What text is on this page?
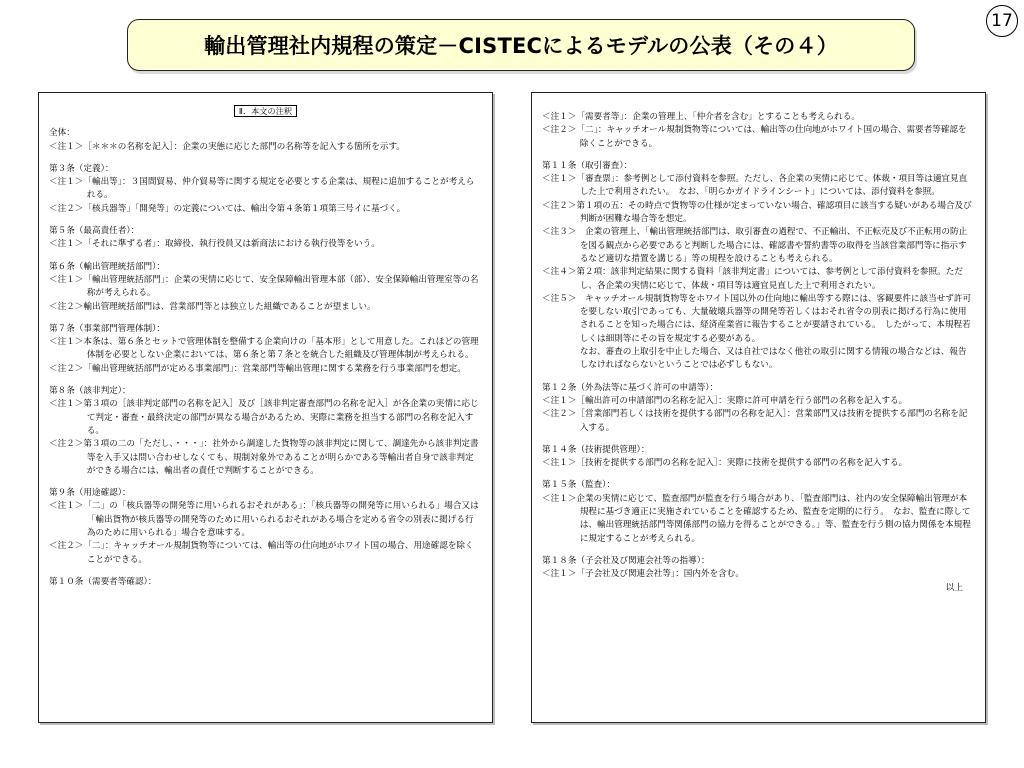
輸出管理社内規程の策定－CISTECによるモデルの公表（その４）
17
Ⅱ．本文の注釈
全体：
＜注１＞［＊＊＊の名称を記入］：企業の実態に応じた部門の名称等を記入する箇所を示す。
第３条（定義）：
＜注１＞「輸出等」：３国間貿易、仲介貿易等に関する規定を必要とする企業は、規程に追加することが考えられる。
＜注２＞「核兵器等」「開発等」の定義については、輸出令第４条第１項第三号イに基づく。
第５条（最高責任者）：
＜注１＞「それに準ずる者」：取締役、執行役員又は新商法における執行役等をいう。
第６条（輸出管理統括部門）：
＜注１＞「輸出管理統括部門」：企業の実情に応じて、安全保障輸出管理本部（部）、安全保障輸出管理室等の名称が考えられる。
＜注２＞輸出管理統括部門は、営業部門等とは独立した組織であることが望ましい。
第７条（事業部門管理体制）：
＜注１＞本条は、第６条とセットで管理体制を整備する企業向けの「基本形」として用意した。これほどの管理体制を必要としない企業においては、第６条と第７条とを統合した組織及び管理体制が考えられる。
＜注２＞「輸出管理統括部門が定める事業部門」：営業部門等輸出管理に関する業務を行う事業部門を想定。
第８条（該非判定）：
＜注１＞第３項の［該非判定部門の名称を記入］及び［該非判定審査部門の名称を記入］が各企業の実情に応じて判定・審査・最終決定の部門が異なる場合があるため、実際に業務を担当する部門の名称を記入する。
＜注２＞第３項の二の「ただし、・・・」：社外から調達した貨物等の該非判定に関して、調達先から該非判定書等を入手又は問い合わせしなくても、規制対象外であることが明らかである等輸出者自身で該非判定ができる場合には、輸出者の責任で判断することができる。
第９条（用途確認）：
＜注１＞「二」の「核兵器等の開発等に用いられるおそれがある」：「核兵器等の開発等に用いられる」場合又は「輸出貨物が核兵器等の開発等のために用いられるおそれがある場合を定める省令の別表に掲げる行為のために用いられる」場合を意味する。
＜注２＞「二」：キャッチオール規制貨物等については、輸出等の仕向地がホワイト国の場合、用途確認を除くことができる。
第１０条（需要者等確認）：
＜注１＞「需要者等」：企業の管理上、「仲介者を含む」とすることも考えられる。
＜注２＞「二」：キャッチオール規制貨物等については、輸出等の仕向地がホワイト国の場合、需要者等確認を除くことができる。
第１１条（取引審査）：
＜注１＞「審査票」：参考例として添付資料を参照。ただし、各企業の実情に応じて、体裁・項目等は適宜見直した上で利用されたい。　なお、「明らかガイドラインシート」については、添付資料を参照。
＜注２＞第１項の五：その時点で貨物等の仕様が定まっていない場合、確認項目に該当する疑いがある場合及び判断が困難な場合等を想定。
＜注３＞　企業の管理上、「輸出管理統括部門は、取引審査の過程で、不正輸出、不正転売及び不正転用の防止を図る観点から必要であると判断した場合には、確認書や誓約書等の取得を当該営業部門等に指示するなど適切な措置を講じる」等の規程を設けることも考えられる。
＜注４＞第２項：該非判定結果に関する資料「該非判定書」については、参考例として添付資料を参照。ただし、各企業の実情に応じて、体裁・項目等は適宜見直した上で利用されたい。
＜注５＞　キャッチオール規制貨物等をホワイト国以外の仕向地に輸出等する際には、客観要件に該当せず許可を要しない取引であっても、大量破壊兵器等の開発等若しくはおそれ省令の別表に掲げる行為に使用されることを知った場合には、経済産業省に報告することが要請されている。　したがって、本規程若しくは細則等にその旨を規定する必要がある。
なお、審査の上取引を中止した場合、又は自社ではなく他社の取引に関する情報の場合などは、報告しなければならないということでは必ずしもない。
第１２条（外為法等に基づく許可の申請等）：
＜注１＞［輸出許可の申請部門の名称を記入］：実際に許可申請を行う部門の名称を記入する。
＜注２＞［営業部門若しくは技術を提供する部門の名称を記入］：営業部門又は技術を提供する部門の名称を記入する。
第１４条（技術提供管理）：
＜注１＞［技術を提供する部門の名称を記入］：実際に技術を提供する部門の名称を記入する。
第１５条（監査）：
＜注１＞企業の実情に応じて、監査部門が監査を行う場合があり、「監査部門は、社内の安全保障輸出管理が本規程に基づき適正に実施されていることを確認するため、監査を定期的に行う。　なお、監査に際しては、輸出管理統括部門等関係部門の協力を得ることができる。」等、監査を行う側の協力関係を本規程に規定することが考えられる。
第１８条（子会社及び関連会社等の指導）：
＜注１＞「子会社及び関連会社等」：国内外を含む。
以上
